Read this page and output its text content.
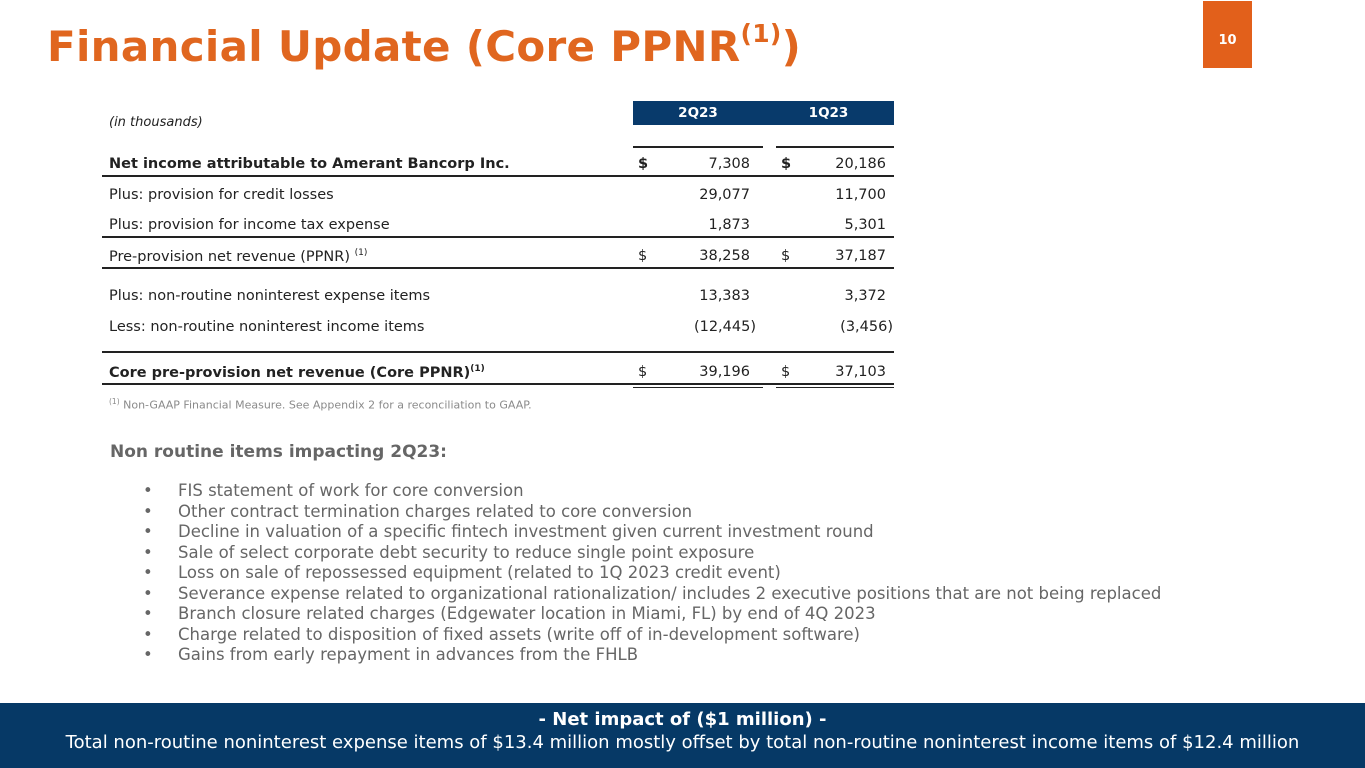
Financial Update (Core PPNR$^{(1)}$)	10
(in thousands)
2Q23	1Q23
Net income attributable to Amerant Bancorp Inc.	$	7,308 $	20,186
Plus: provision for credit losses	29,077	11,700
Plus: provision for income tax expense	1,873	5,301
Pre-provision net revenue (PPNR) $^{(1)}$	$	38,258 $	37,187
Plus: non-routine noninterest expense items	13,383	3,372
Less: non-routine noninterest income items	(12,445)	(3,456)
Core pre-provision net revenue (Core PPNR)$^{(1)}$	$	39,196 $	37,103
$^{(1)}$ Non-GAAP Financial Measure. See Appendix 2 for a reconciliation to GAAP.
Non routine items impacting 2Q23:
• FIS statement of work for core conversion
• Other contract termination charges related to core conversion
• Decline in valuation of a specific fintech investment given current investment round
• Sale of select corporate debt security to reduce single point exposure
• Loss on sale of repossessed equipment (related to 1Q 2023 credit event)
• Severance expense related to organizational rationalization/ includes 2 executive positions that are not being replaced
• Branch closure related charges (Edgewater location in Miami, FL) by end of 4Q 2023
• Charge related to disposition of fixed assets (write off of in-development software)
• Gains from early repayment in advances from the FHLB
- Net impact of ($1 million) -
Total non-routine noninterest expense items of $13.4 million mostly offset by total non-routine noninterest income items of $12.4 million
